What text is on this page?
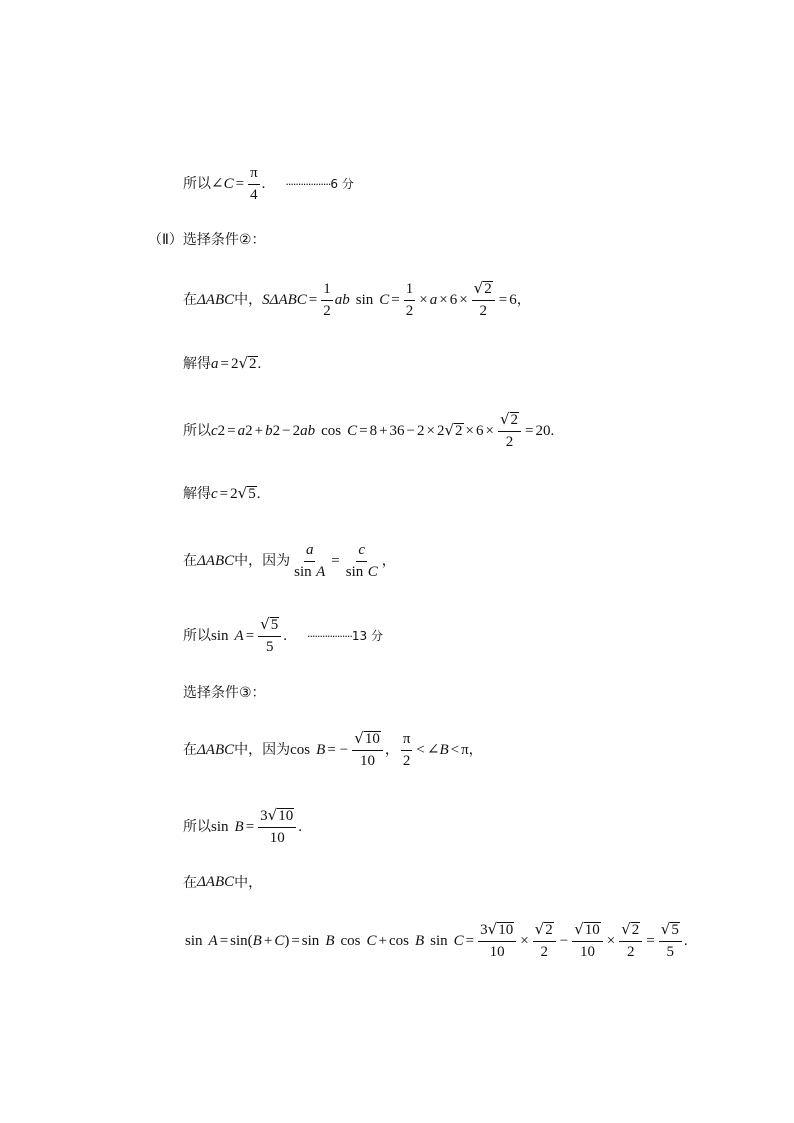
所以 ∠ $C = \frac{\pi}{4}$ . ·················· 6 分
（Ⅱ）选择条件②：
在 ΔABC 中， S $\Delta ABC = \frac{1}{2}$ ab $\sin C = \frac{1}{2} \times a \times 6 \times \frac{√ 2}{2} = 6$ ，
解得 a = 2 √ 2 .
所以 c 2 = a 2 + b 2 − 2 ab cos C = 8 + 36 − 2 × 2 √ $2 \times 6 \times \frac{√ 2}{2} = 20$ .
解得 c = 2 √ 5 .
在 ΔABC 中，因为 $\frac{a}{\text{sin A}} = \frac{c}{\text{sin C}}$ ，
所以 $\sin A = \frac{√ 5}{5}$ . ·················· 13 分
选择条件③：
在 ΔABC 中，因为 cos B = − $\frac{√ 10}{10}$ ， $\frac{\pi}{2}$ < ∠ B < π ，
所以 $\sin B = \frac{3 √ 10}{10}$ .
在 ΔABC 中，
sin A = sin ( B + C ) = sin B cos C + cos B $\sin C = \frac{3 √ 10}{10} \times \frac{√ 2}{2} - \frac{√ 10}{10} \times \frac{√ 2}{2} = \frac{√ 5}{5}$ .
